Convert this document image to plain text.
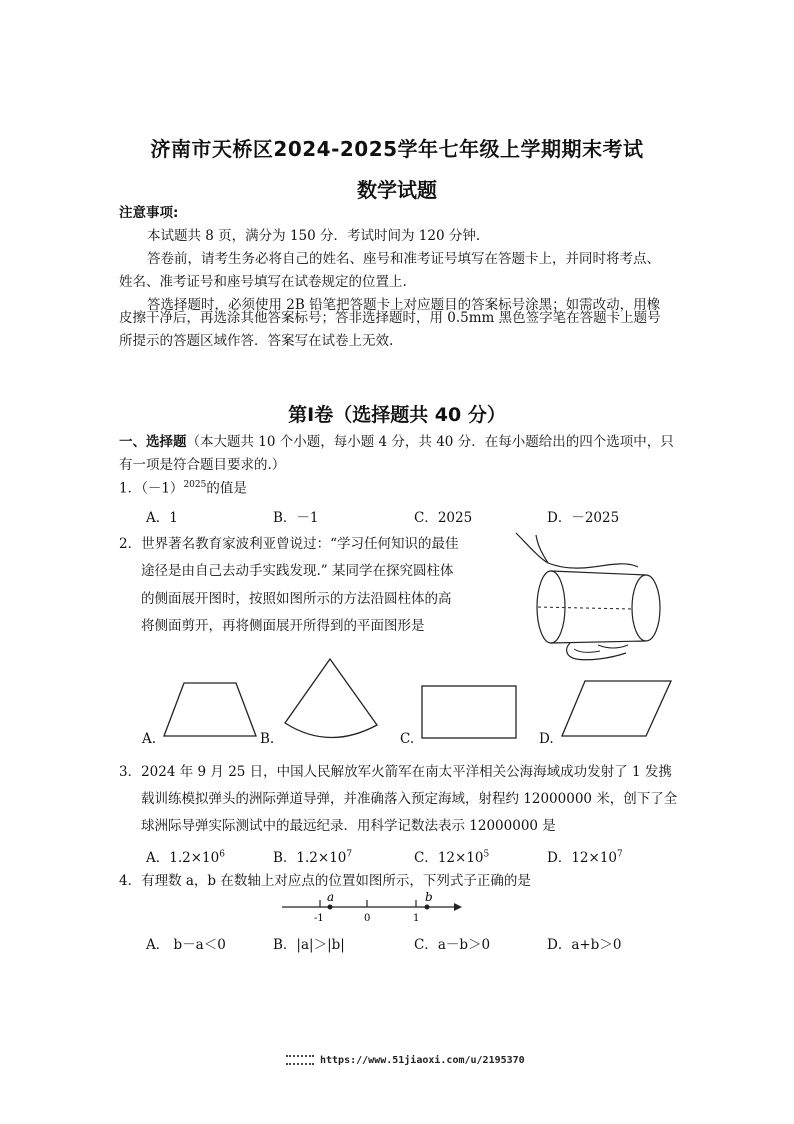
济南市天桥区2024-2025学年七年级上学期期末考试
数学试题
注意事项:
本试题共 8 页，满分为 150 分．考试时间为 120 分钟.
答卷前，请考生务必将自己的姓名、座号和准考证号填写在答题卡上，并同时将考点、
姓名、准考证号和座号填写在试卷规定的位置上.
答选择题时，必须使用 2B 铅笔把答题卡上对应题目的答案标号涂黑；如需改动，用橡
皮擦干净后，再选涂其他答案标号；答非选择题时，用 0.5mm 黑色签字笔在答题卡上题号
所提示的答题区域作答．答案写在试卷上无效.
第Ⅰ卷（选择题共 40 分）
一、选择题（本大题共 10 个小题，每小题 4 分，共 40 分．在每小题给出的四个选项中，只
有一项是符合题目要求的.）
1．$(-1)^{2025}$的值是
A．1	B．－1	C．2025	D．－2025
2．世界著名教育家波利亚曾说过：“学习任何知识的最佳
途径是由自己去动手实践发现.” 某同学在探究圆柱体
的侧面展开图时，按照如图所示的方法沿圆柱体的高
将侧面剪开，再将侧面展开所得到的平面图形是
A.	B.	C.	D.
3．2024 年 9 月 25 日，中国人民解放军火箭军在南太平洋相关公海海域成功发射了 1 发携
载训练模拟弹头的洲际弹道导弹，并准确落入预定海域，射程约 12000000 米，创下了全
球洲际导弹实际测试中的最远纪录．用科学记数法表示 12000000 是
A．$1.2\times 10^6$	B．$1.2\times 10^7$	C．$12\times 10^5$	D．$12\times 10^7$
4．有理数 a，b 在数轴上对应点的位置如图所示，下列式子正确的是
a	b
-1	0	1
A． b－a＜0	B．|a|＞|b|	C．a－b＞0	D．a+b＞0
https://www.51jiaoxi.com/u/2195370
